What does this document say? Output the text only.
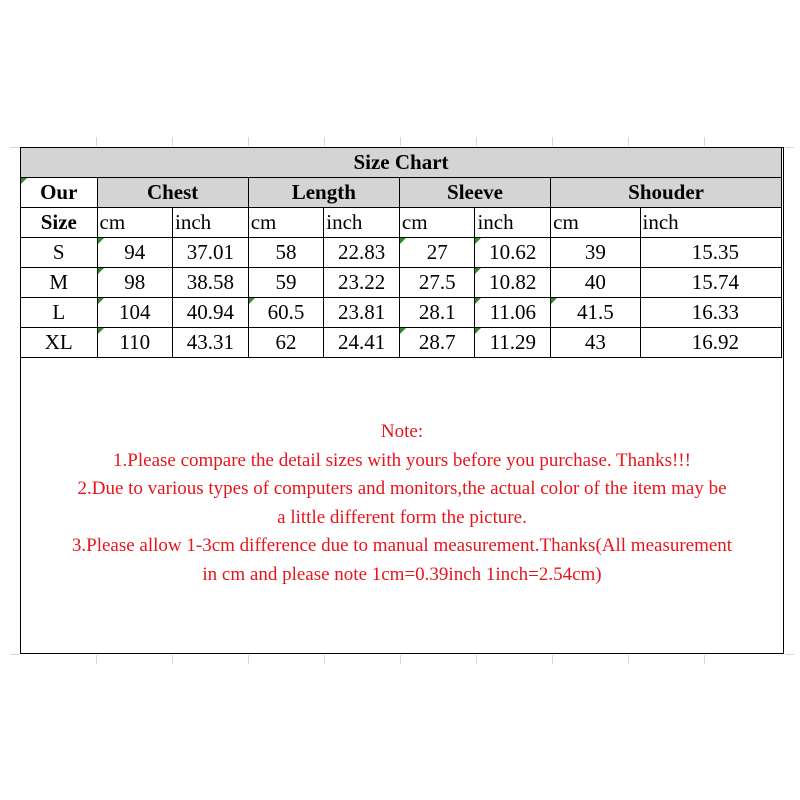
Size Chart								
Our	Chest		Length		Sleeve		Shouder	
Size	cm	inch	cm	inch	cm	inch	cm	inch
S	94	37.01	58	22.83	27	10.62	39	15.35
M	98	38.58	59	23.22	27.5	10.82	40	15.74
L	104	40.94	60.5	23.81	28.1	11.06	41.5	16.33
XL	110	43.31	62	24.41	28.7	11.29	43	16.92

Note:

1.Please compare the detail sizes with yours before you purchase. Thanks!!!

2.Due to various types of computers and monitors,the actual color of the item may be

a little different form the picture.

3.Please allow 1-3cm difference due to manual measurement.Thanks(All measurement

in cm and please note 1cm=0.39inch 1inch=2.54cm)
